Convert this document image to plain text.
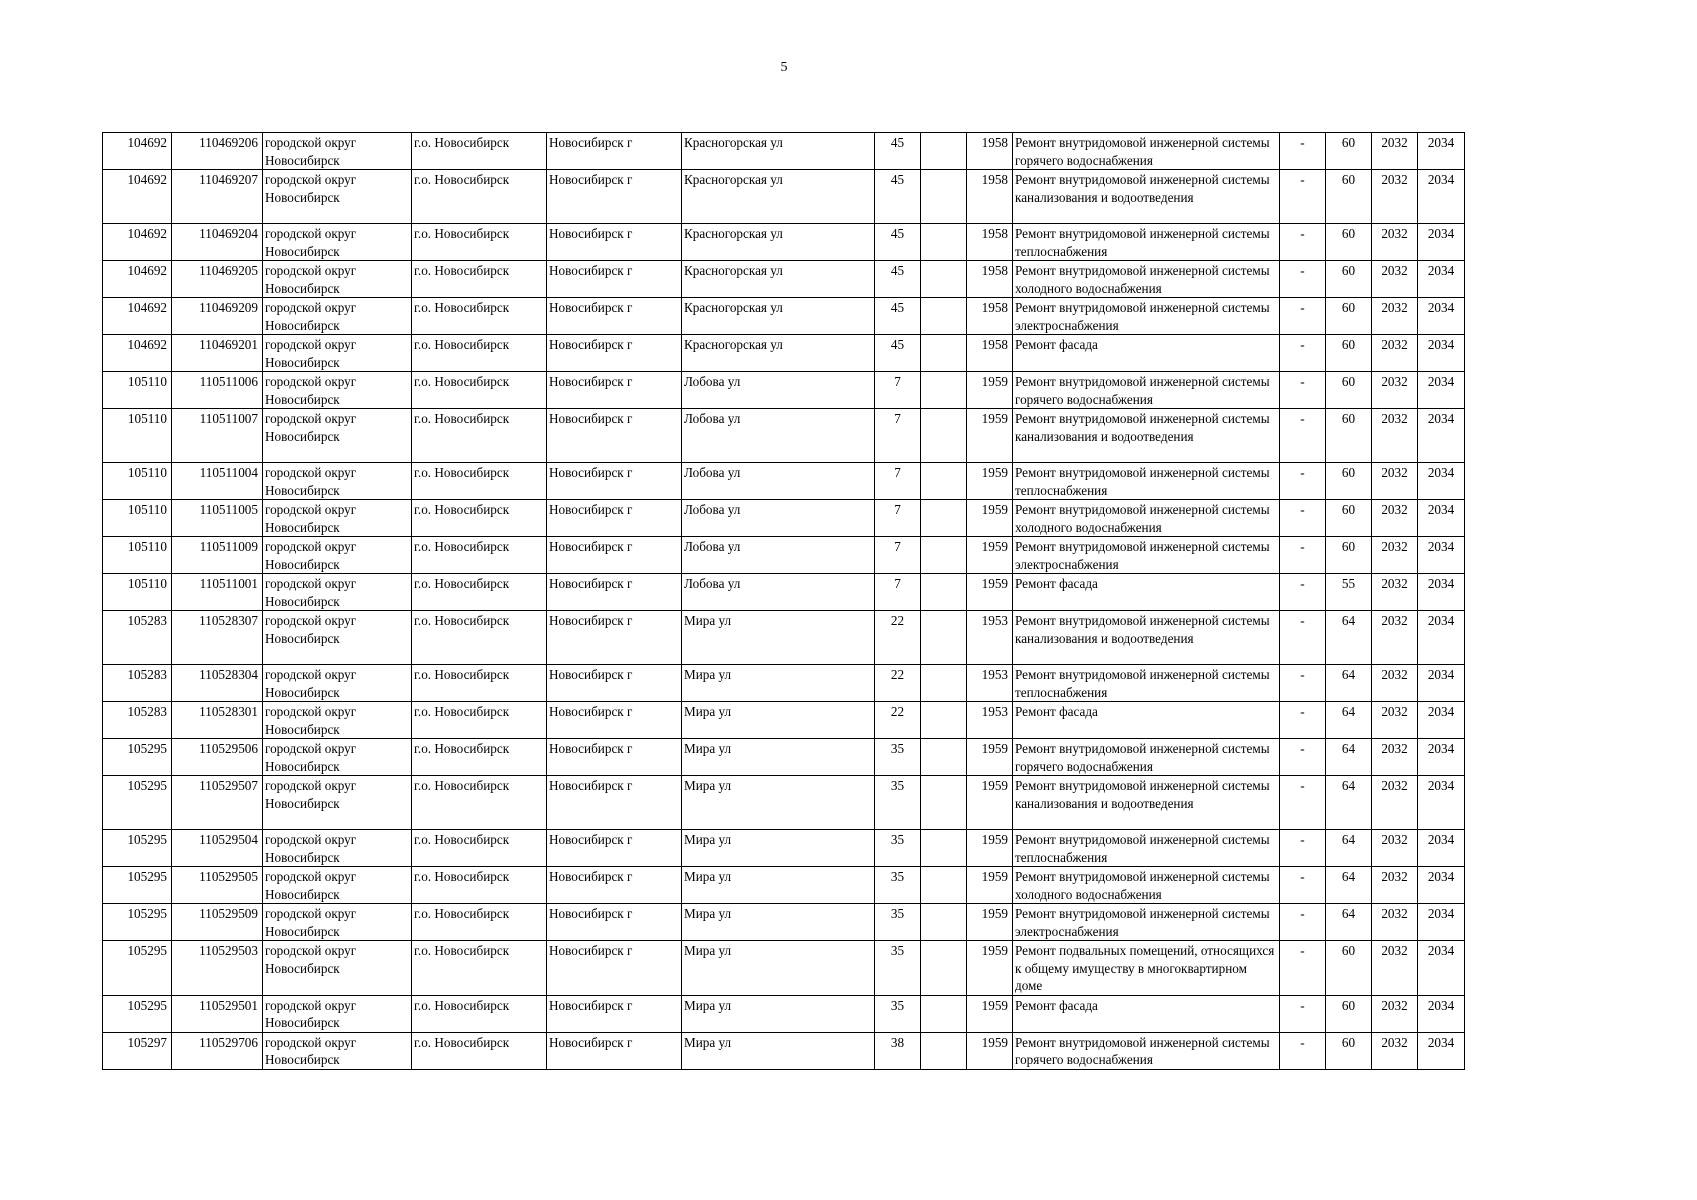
5
104692	110469206	городской округ Новосибирск	г.о. Новосибирск	Новосибирск г	Красногорская ул	45		1958	Ремонт внутридомовой инженерной системы горячего водоснабжения	-	60	2032	2034
104692	110469207	городской округ Новосибирск	г.о. Новосибирск	Новосибирск г	Красногорская ул	45		1958	Ремонт внутридомовой инженерной системы канализования и водоотведения	-	60	2032	2034
104692	110469204	городской округ Новосибирск	г.о. Новосибирск	Новосибирск г	Красногорская ул	45		1958	Ремонт внутридомовой инженерной системы теплоснабжения	-	60	2032	2034
104692	110469205	городской округ Новосибирск	г.о. Новосибирск	Новосибирск г	Красногорская ул	45		1958	Ремонт внутридомовой инженерной системы холодного водоснабжения	-	60	2032	2034
104692	110469209	городской округ Новосибирск	г.о. Новосибирск	Новосибирск г	Красногорская ул	45		1958	Ремонт внутридомовой инженерной системы электроснабжения	-	60	2032	2034
104692	110469201	городской округ Новосибирск	г.о. Новосибирск	Новосибирск г	Красногорская ул	45		1958	Ремонт фасада	-	60	2032	2034
105110	110511006	городской округ Новосибирск	г.о. Новосибирск	Новосибирск г	Лобова ул	7		1959	Ремонт внутридомовой инженерной системы горячего водоснабжения	-	60	2032	2034
105110	110511007	городской округ Новосибирск	г.о. Новосибирск	Новосибирск г	Лобова ул	7		1959	Ремонт внутридомовой инженерной системы канализования и водоотведения	-	60	2032	2034
105110	110511004	городской округ Новосибирск	г.о. Новосибирск	Новосибирск г	Лобова ул	7		1959	Ремонт внутридомовой инженерной системы теплоснабжения	-	60	2032	2034
105110	110511005	городской округ Новосибирск	г.о. Новосибирск	Новосибирск г	Лобова ул	7		1959	Ремонт внутридомовой инженерной системы холодного водоснабжения	-	60	2032	2034
105110	110511009	городской округ Новосибирск	г.о. Новосибирск	Новосибирск г	Лобова ул	7		1959	Ремонт внутридомовой инженерной системы электроснабжения	-	60	2032	2034
105110	110511001	городской округ Новосибирск	г.о. Новосибирск	Новосибирск г	Лобова ул	7		1959	Ремонт фасада	-	55	2032	2034
105283	110528307	городской округ Новосибирск	г.о. Новосибирск	Новосибирск г	Мира ул	22		1953	Ремонт внутридомовой инженерной системы канализования и водоотведения	-	64	2032	2034
105283	110528304	городской округ Новосибирск	г.о. Новосибирск	Новосибирск г	Мира ул	22		1953	Ремонт внутридомовой инженерной системы теплоснабжения	-	64	2032	2034
105283	110528301	городской округ Новосибирск	г.о. Новосибирск	Новосибирск г	Мира ул	22		1953	Ремонт фасада	-	64	2032	2034
105295	110529506	городской округ Новосибирск	г.о. Новосибирск	Новосибирск г	Мира ул	35		1959	Ремонт внутридомовой инженерной системы горячего водоснабжения	-	64	2032	2034
105295	110529507	городской округ Новосибирск	г.о. Новосибирск	Новосибирск г	Мира ул	35		1959	Ремонт внутридомовой инженерной системы канализования и водоотведения	-	64	2032	2034
105295	110529504	городской округ Новосибирск	г.о. Новосибирск	Новосибирск г	Мира ул	35		1959	Ремонт внутридомовой инженерной системы теплоснабжения	-	64	2032	2034
105295	110529505	городской округ Новосибирск	г.о. Новосибирск	Новосибирск г	Мира ул	35		1959	Ремонт внутридомовой инженерной системы холодного водоснабжения	-	64	2032	2034
105295	110529509	городской округ Новосибирск	г.о. Новосибирск	Новосибирск г	Мира ул	35		1959	Ремонт внутридомовой инженерной системы электроснабжения	-	64	2032	2034
105295	110529503	городской округ Новосибирск	г.о. Новосибирск	Новосибирск г	Мира ул	35		1959	Ремонт подвальных помещений, относящихся к общему имуществу в многоквартирном доме	-	60	2032	2034
105295	110529501	городской округ Новосибирск	г.о. Новосибирск	Новосибирск г	Мира ул	35		1959	Ремонт фасада	-	60	2032	2034
105297	110529706	городской округ Новосибирск	г.о. Новосибирск	Новосибирск г	Мира ул	38		1959	Ремонт внутридомовой инженерной системы горячего водоснабжения	-	60	2032	2034
